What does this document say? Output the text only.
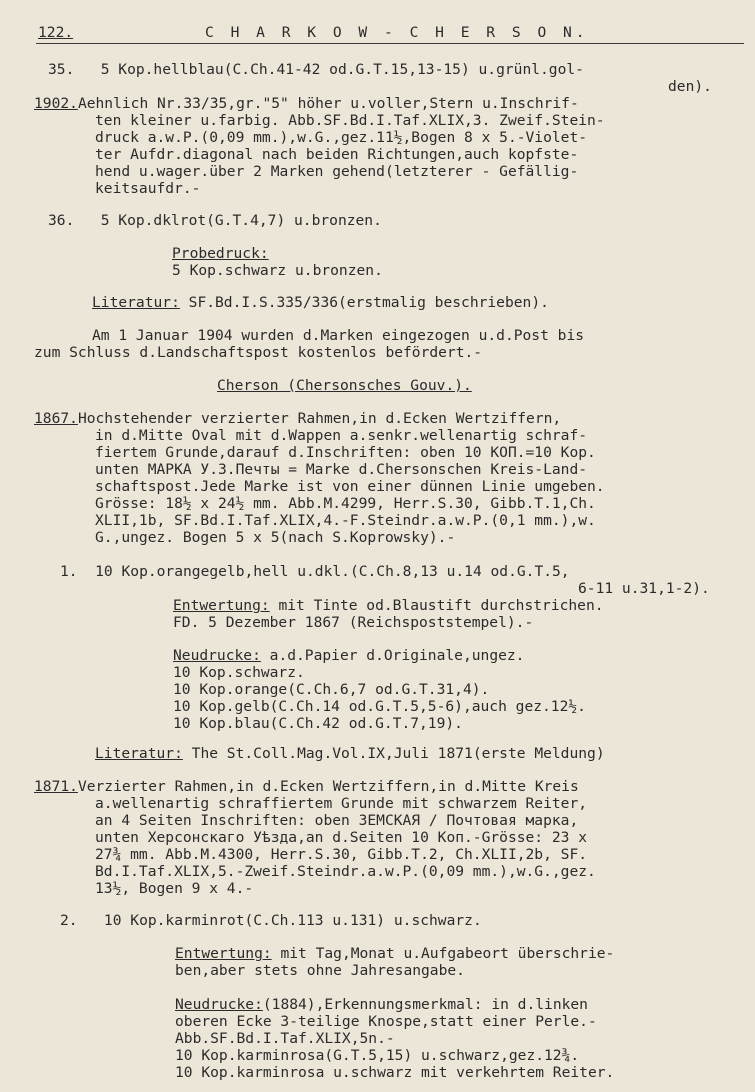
122.	C H A R K O W - C H E R S O N.
35.   5 Kop.hellblau(C.Ch.41-42 od.G.T.15,13-15) u.grünl.gol-
den).
1902.Aehnlich Nr.33/35,gr."5" höher u.voller,Stern u.Inschrif-
ten kleiner u.farbig. Abb.SF.Bd.I.Taf.XLIX,3. Zweif.Stein-
druck a.w.P.(0,09 mm.),w.G.,gez.11½,Bogen 8 x 5.-Violet-
ter Aufdr.diagonal nach beiden Richtungen,auch kopfste-
hend u.wager.über 2 Marken gehend(letzterer - Gefällig-
keitsaufdr.-
36.   5 Kop.dklrot(G.T.4,7) u.bronzen.
Probedruck:
5 Kop.schwarz u.bronzen.
Literatur: SF.Bd.I.S.335/336(erstmalig beschrieben).
Am 1 Januar 1904 wurden d.Marken eingezogen u.d.Post bis
zum Schluss d.Landschaftspost kostenlos befördert.-
Cherson (Chersonsches Gouv.).
1867.Hochstehender verzierter Rahmen,in d.Ecken Wertziffern,
in d.Mitte Oval mit d.Wappen a.senkr.wellenartig schraf-
fiertem Grunde,darauf d.Inschriften: oben 10 КОП.=10 Kop.
unten МАРКА У.З.Печты = Marke d.Chersonschen Kreis-Land-
schaftspost.Jede Marke ist von einer dünnen Linie umgeben.
Grösse: 18½ x 24½ mm. Abb.M.4299, Herr.S.30, Gibb.T.1,Ch.
XLII,1b, SF.Bd.I.Taf.XLIX,4.-F.Steindr.a.w.P.(0,1 mm.),w.
G.,ungez. Bogen 5 x 5(nach S.Koprowsky).-
1.  10 Kop.orangegelb,hell u.dkl.(C.Ch.8,13 u.14 od.G.T.5,
6-11 u.31,1-2).
Entwertung: mit Tinte od.Blaustift durchstrichen.
FD. 5 Dezember 1867 (Reichspoststempel).-
Neudrucke: a.d.Papier d.Originale,ungez.
10 Kop.schwarz.
10 Kop.orange(C.Ch.6,7 od.G.T.31,4).
10 Kop.gelb(C.Ch.14 od.G.T.5,5-6),auch gez.12½.
10 Kop.blau(C.Ch.42 od.G.T.7,19).
Literatur: The St.Coll.Mag.Vol.IX,Juli 1871(erste Meldung)
1871.Verzierter Rahmen,in d.Ecken Wertziffern,in d.Mitte Kreis
a.wellenartig schraffiertem Grunde mit schwarzem Reiter,
an 4 Seiten Inschriften: oben ЗЕМСКАЯ / Почтовая марка,
unten Херсонскаго Уѣзда,an d.Seiten 10 Коп.-Grösse: 23 x
27¾ mm. Abb.M.4300, Herr.S.30, Gibb.T.2, Ch.XLII,2b, SF.
Bd.I.Taf.XLIX,5.-Zweif.Steindr.a.w.P.(0,09 mm.),w.G.,gez.
13½, Bogen 9 x 4.-
2.   10 Kop.karminrot(C.Ch.113 u.131) u.schwarz.
Entwertung: mit Tag,Monat u.Aufgabeort überschrie-
ben,aber stets ohne Jahresangabe.
Neudrucke:(1884),Erkennungsmerkmal: in d.linken
oberen Ecke 3-teilige Knospe,statt einer Perle.-
Abb.SF.Bd.I.Taf.XLIX,5n.-
10 Kop.karminrosa(G.T.5,15) u.schwarz,gez.12¾.
10 Kop.karminrosa u.schwarz mit verkehrtem Reiter.
